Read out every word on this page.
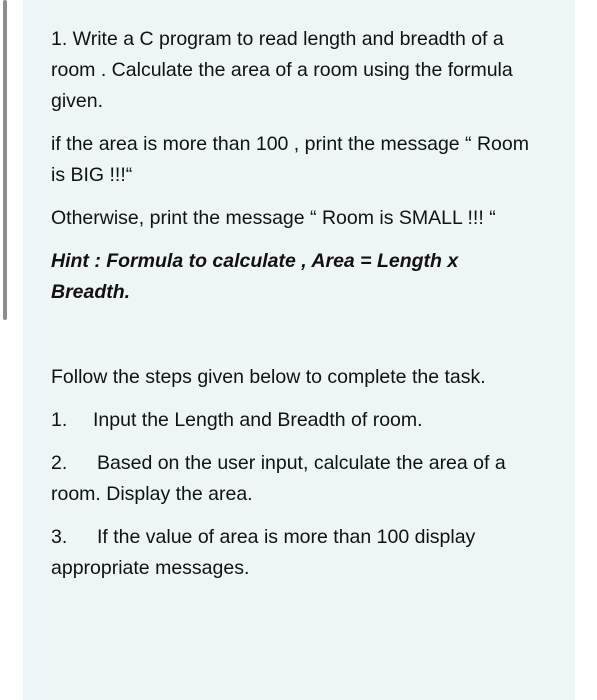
1. Write a C program to read length and breadth of a room . Calculate the area of a room using the formula given.

if the area is more than 100 , print the message “ Room is BIG !!!“

Otherwise, print the message “ Room is SMALL !!! “

Hint : Formula to calculate , Area = Length x Breadth.

Follow the steps given below to complete the task.

1. Input the Length and Breadth of room.

2. Based on the user input, calculate the area of a room. Display the area.

3. If the value of area is more than 100 display appropriate messages.
